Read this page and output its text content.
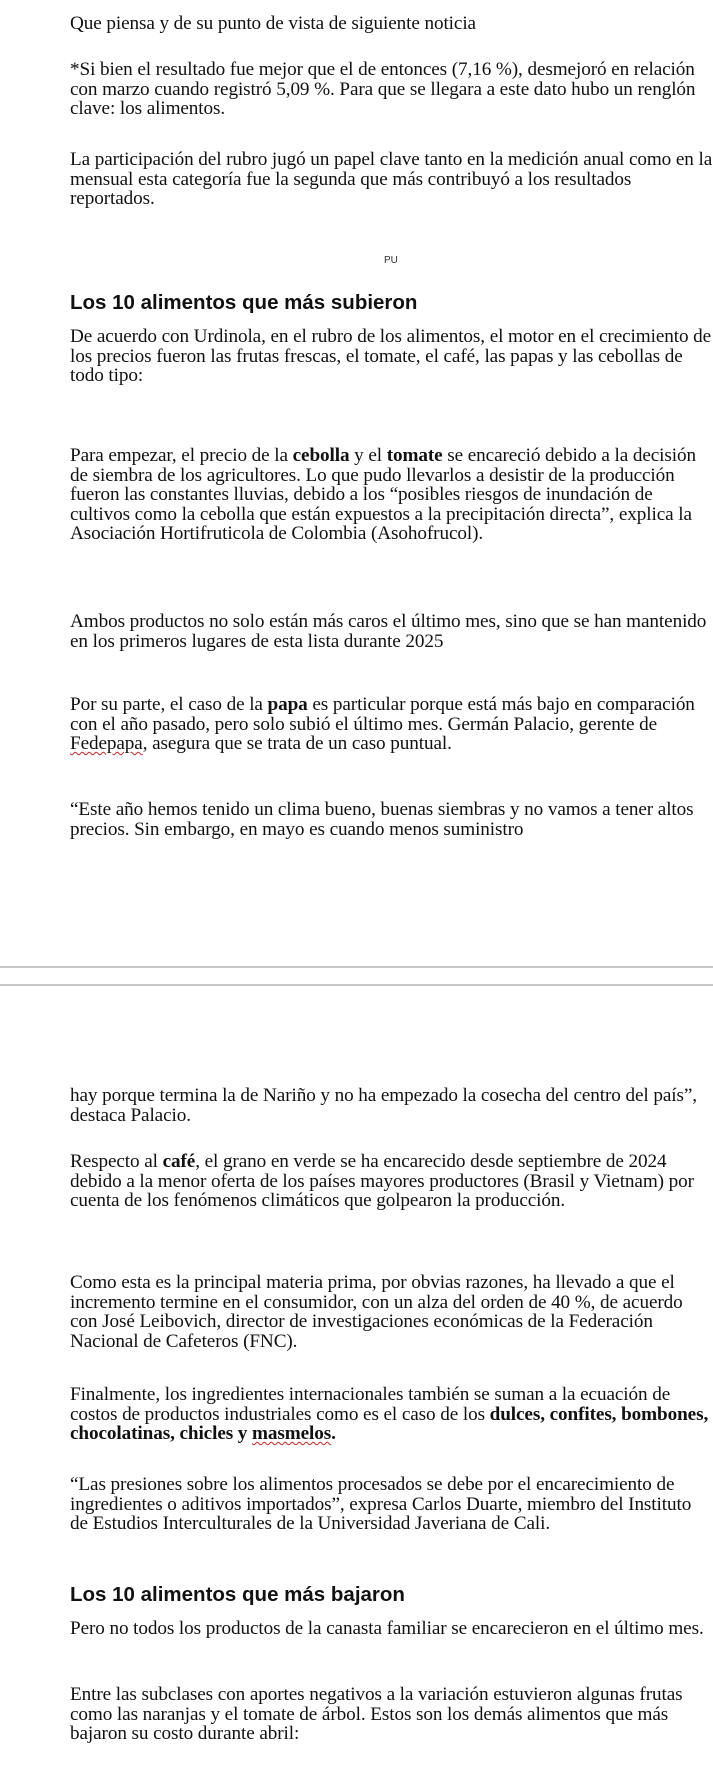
Que piensa y de su punto de vista de siguiente noticia

*Si bien el resultado fue mejor que el de entonces (7,16 %), desmejoró en relación con marzo cuando registró 5,09 %. Para que se llegara a este dato hubo un renglón clave: los alimentos.

La participación del rubro jugó un papel clave tanto en la medición anual como en la mensual esta categoría fue la segunda que más contribuyó a los resultados reportados.

PU
Los 10 alimentos que más subieron

De acuerdo con Urdinola, en el rubro de los alimentos, el motor en el crecimiento de los precios fueron las frutas frescas, el tomate, el café, las papas y las cebollas de todo tipo:

Para empezar, el precio de la cebolla y el tomate se encareció debido a la decisión de siembra de los agricultores. Lo que pudo llevarlos a desistir de la producción fueron las constantes lluvias, debido a los “posibles riesgos de inundación de cultivos como la cebolla que están expuestos a la precipitación directa”, explica la Asociación Hortifruticola de Colombia (Asohofrucol).

Ambos productos no solo están más caros el último mes, sino que se han mantenido en los primeros lugares de esta lista durante 2025

Por su parte, el caso de la papa es particular porque está más bajo en comparación con el año pasado, pero solo subió el último mes. Germán Palacio, gerente de Fedepapa, asegura que se trata de un caso puntual.

“Este año hemos tenido un clima bueno, buenas siembras y no vamos a tener altos precios. Sin embargo, en mayo es cuando menos suministro

hay porque termina la de Nariño y no ha empezado la cosecha del centro del país”, destaca Palacio.

Respecto al café, el grano en verde se ha encarecido desde septiembre de 2024 debido a la menor oferta de los países mayores productores (Brasil y Vietnam) por cuenta de los fenómenos climáticos que golpearon la producción.

Como esta es la principal materia prima, por obvias razones, ha llevado a que el incremento termine en el consumidor, con un alza del orden de 40 %, de acuerdo con José Leibovich, director de investigaciones económicas de la Federación Nacional de Cafeteros (FNC).

Finalmente, los ingredientes internacionales también se suman a la ecuación de costos de productos industriales como es el caso de los dulces, confites, bombones, chocolatinas, chicles y masmelos.

“Las presiones sobre los alimentos procesados se debe por el encarecimiento de ingredientes o aditivos importados”, expresa Carlos Duarte, miembro del Instituto de Estudios Interculturales de la Universidad Javeriana de Cali.

Los 10 alimentos que más bajaron

Pero no todos los productos de la canasta familiar se encarecieron en el último mes.

Entre las subclases con aportes negativos a la variación estuvieron algunas frutas como las naranjas y el tomate de árbol. Estos son los demás alimentos que más bajaron su costo durante abril:
